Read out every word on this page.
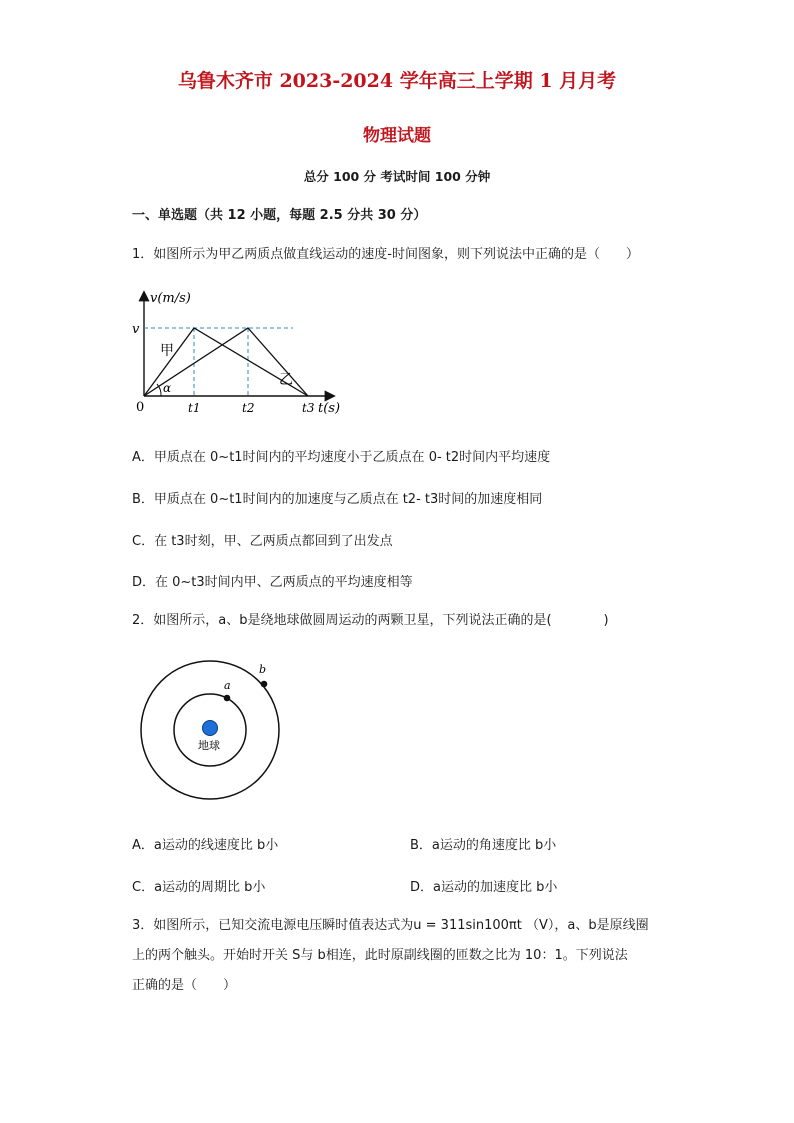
乌鲁木齐市 2023-2024 学年高三上学期 1 月月考
物理试题
总分 100 分 考试时间 100 分钟
一、单选题（共 12 小题，每题 2.5 分共 30 分）
1．如图所示为甲乙两质点做直线运动的速度-时间图象，则下列说法中正确的是（　　）
v(m/s)
v
0
甲
乙
α
t1	t2	t3 t(s)
A．甲质点在 0~t1时间内的平均速度小于乙质点在 0- t2时间内平均速度
B．甲质点在 0~t1时间内的加速度与乙质点在 t2- t3时间的加速度相同
C．在 t3时刻，甲、乙两质点都回到了出发点
D．在 0~t3时间内甲、乙两质点的平均速度相等
2．如图所示，a、b是绕地球做圆周运动的两颗卫星，下列说法正确的是(　　　　)
a
b
地球
A．a运动的线速度比 b小	B．a运动的角速度比 b小
C．a运动的周期比 b小	D．a运动的加速度比 b小
3．如图所示，已知交流电源电压瞬时值表达式为u = 311sin100πt （V），a、b是原线圈
上的两个触头。开始时开关 S与 b相连，此时原副线圈的匝数之比为 10：1。下列说法
正确的是（　　）
